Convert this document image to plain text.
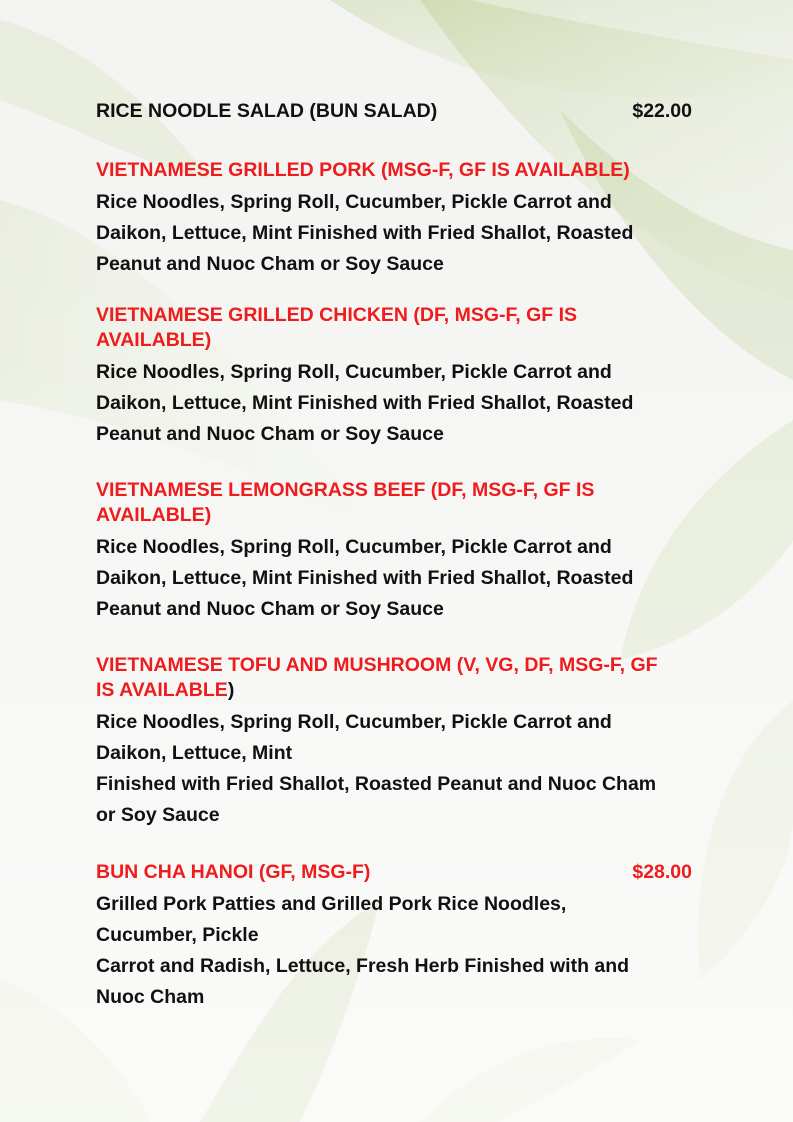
RICE NOODLE SALAD (BUN SALAD)	$22.00
VIETNAMESE GRILLED PORK (MSG-F, GF IS AVAILABLE)
Rice Noodles, Spring Roll, Cucumber, Pickle Carrot and
Daikon, Lettuce, Mint Finished with Fried Shallot, Roasted
Peanut and Nuoc Cham or Soy Sauce
VIETNAMESE GRILLED CHICKEN (DF, MSG-F, GF IS
AVAILABLE)
Rice Noodles, Spring Roll, Cucumber, Pickle Carrot and
Daikon, Lettuce, Mint Finished with Fried Shallot, Roasted
Peanut and Nuoc Cham or Soy Sauce
VIETNAMESE LEMONGRASS BEEF (DF, MSG-F, GF IS
AVAILABLE)
Rice Noodles, Spring Roll, Cucumber, Pickle Carrot and
Daikon, Lettuce, Mint Finished with Fried Shallot, Roasted
Peanut and Nuoc Cham or Soy Sauce
VIETNAMESE TOFU AND MUSHROOM (V, VG, DF, MSG-F, GF
IS AVAILABLE)
Rice Noodles, Spring Roll, Cucumber, Pickle Carrot and
Daikon, Lettuce, Mint
Finished with Fried Shallot, Roasted Peanut and Nuoc Cham
or Soy Sauce
BUN CHA HANOI (GF, MSG-F)	$28.00
Grilled Pork Patties and Grilled Pork Rice Noodles,
Cucumber, Pickle
Carrot and Radish, Lettuce, Fresh Herb Finished with and
Nuoc Cham
